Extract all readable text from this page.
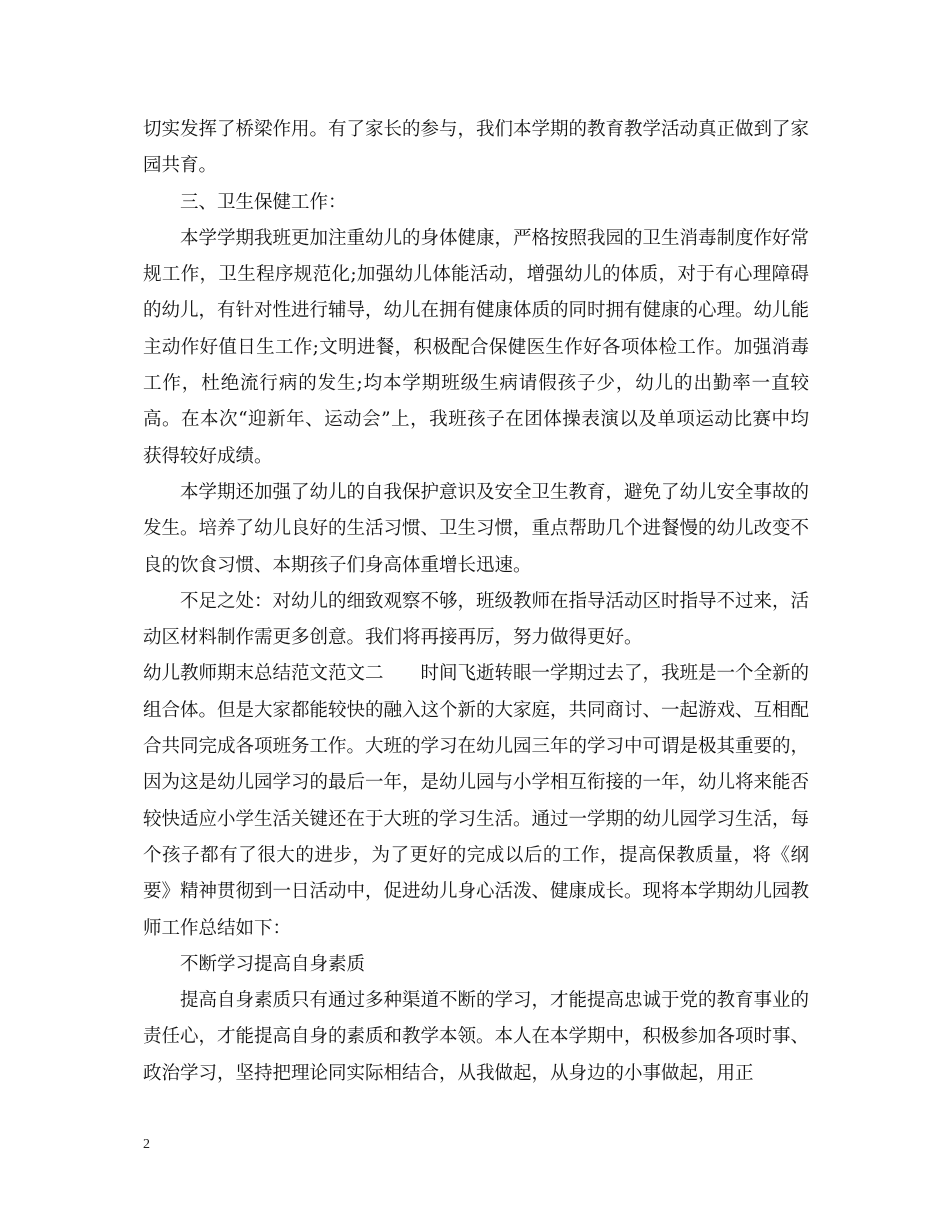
切实发挥了桥梁作用。有了家长的参与，我们本学期的教育教学活动真正做到了家园共育。

三、卫生保健工作：

本学学期我班更加注重幼儿的身体健康，严格按照我园的卫生消毒制度作好常规工作，卫生程序规范化;加强幼儿体能活动，增强幼儿的体质，对于有心理障碍的幼儿，有针对性进行辅导，幼儿在拥有健康体质的同时拥有健康的心理。幼儿能主动作好值日生工作;文明进餐，积极配合保健医生作好各项体检工作。加强消毒工作，杜绝流行病的发生;均本学期班级生病请假孩子少，幼儿的出勤率一直较高。在本次“迎新年、运动会”上，我班孩子在团体操表演以及单项运动比赛中均获得较好成绩。

本学期还加强了幼儿的自我保护意识及安全卫生教育，避免了幼儿安全事故的发生。培养了幼儿良好的生活习惯、卫生习惯，重点帮助几个进餐慢的幼儿改变不良的饮食习惯、本期孩子们身高体重增长迅速。

不足之处：对幼儿的细致观察不够，班级教师在指导活动区时指导不过来，活动区材料制作需更多创意。我们将再接再厉，努力做得更好。

幼儿教师期末总结范文范文二　　时间飞逝转眼一学期过去了，我班是一个全新的组合体。但是大家都能较快的融入这个新的大家庭，共同商讨、一起游戏、互相配合共同完成各项班务工作。大班的学习在幼儿园三年的学习中可谓是极其重要的，因为这是幼儿园学习的最后一年，是幼儿园与小学相互衔接的一年，幼儿将来能否较快适应小学生活关键还在于大班的学习生活。通过一学期的幼儿园学习生活，每个孩子都有了很大的进步，为了更好的完成以后的工作，提高保教质量，将《纲要》精神贯彻到一日活动中，促进幼儿身心活泼、健康成长。现将本学期幼儿园教师工作总结如下：

不断学习提高自身素质

提高自身素质只有通过多种渠道不断的学习，才能提高忠诚于党的教育事业的责任心，才能提高自身的素质和教学本领。本人在本学期中，积极参加各项时事、政治学习，坚持把理论同实际相结合，从我做起，从身边的小事做起，用正

2
